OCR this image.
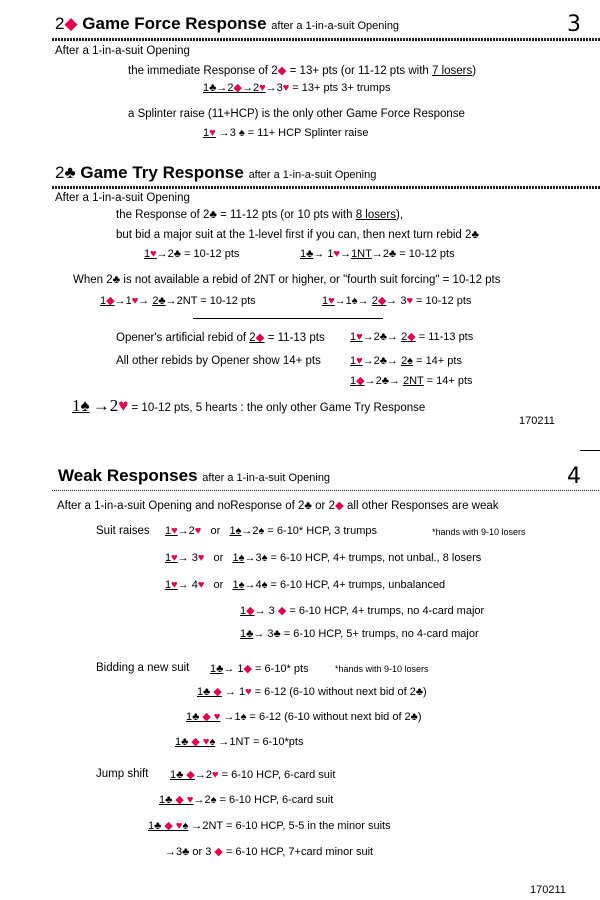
2◆ Game Force Response after a 1-in-a-suit Opening	3
After a 1-in-a-suit Opening
the immediate Response of 2◆ = 13+ pts (or 11-12 pts with 7 losers)
1♣→2◆→2♥→3♥ = 13+ pts 3+ trumps
a Splinter raise (11+HCP) is the only other Game Force Response
1♥ →3 ♠ = 11+ HCP Splinter raise
2♣ Game Try Response after a 1-in-a-suit Opening
After a 1-in-a-suit Opening
the Response of 2♣ = 11-12 pts (or 10 pts with 8 losers),
but bid a major suit at the 1-level first if you can, then next turn rebid 2♣
1♥→2♣ = 10-12 pts	1♣→ 1♥→1NT→2♣ = 10-12 pts
When 2♣ is not available a rebid of 2NT or higher, or "fourth suit forcing" = 10-12 pts
1◆→1♥→ 2♣→2NT = 10-12 pts	1♥→1♠→ 2◆→ 3♥ = 10-12 pts
Opener's artificial rebid of 2◆ = 11-13 pts 1♥→2♣→ 2◆ = 11-13 pts
All other rebids by Opener show 14+ pts	1♥→2♣→ 2♠ = 14+ pts
1◆→2♣→ 2NT = 14+ pts
1♠ →2♥ = 10-12 pts, 5 hearts : the only other Game Try Response
170211
Weak Responses after a 1-in-a-suit Opening	4
After a 1-in-a-suit Opening and noResponse of 2♣ or 2◆ all other Responses are weak
Suit raises 1♥→2♥ or 1♠→2♠ = 6-10* HCP, 3 trumps	*hands with 9-10 losers
1♥→ 3♥ or 1♠→3♠ = 6-10 HCP, 4+ trumps, not unbal., 8 losers
1♥→ 4♥ or 1♠→4♠ = 6-10 HCP, 4+ trumps, unbalanced
1◆→ 3 ◆ = 6-10 HCP, 4+ trumps, no 4-card major
1♣→ 3♣ = 6-10 HCP, 5+ trumps, no 4-card major
Bidding a new suit 1♣→ 1◆ = 6-10* pts	*hands with 9-10 losers
1♣ ◆ → 1♥ = 6-12 (6-10 without next bid of 2♣)
1♣ ◆ ♥ →1♠ = 6-12 (6-10 without next bid of 2♣)
1♣ ◆ ♥♠ →1NT = 6-10*pts
Jump shift 1♣ ◆→2♥ = 6-10 HCP, 6-card suit
1♣ ◆ ♥→2♠ = 6-10 HCP, 6-card suit
1♣ ◆ ♥♠ →2NT = 6-10 HCP, 5-5 in the minor suits
→3♣ or 3 ◆ = 6-10 HCP, 7+card minor suit
170211
